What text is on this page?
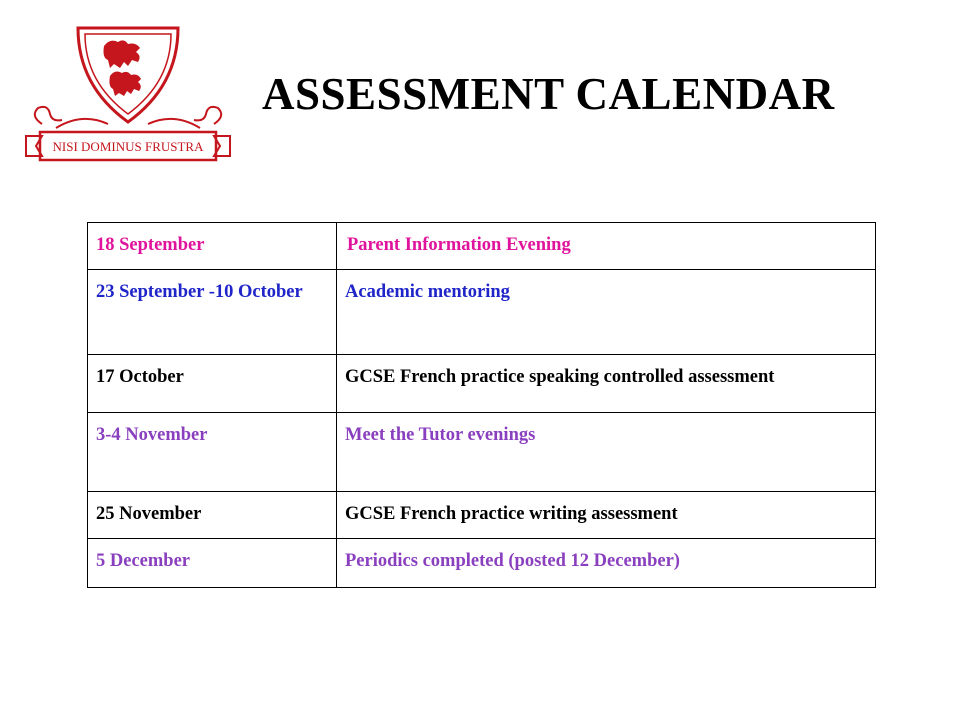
NISI DOMINUS FRUSTRA
ASSESSMENT CALENDAR
18 September	Parent Information Evening
23 September -10 October	Academic mentoring
17 October	GCSE French practice speaking controlled assessment
3-4 November	Meet the Tutor evenings
25 November	GCSE French practice writing assessment
5 December	Periodics completed (posted 12 December)
